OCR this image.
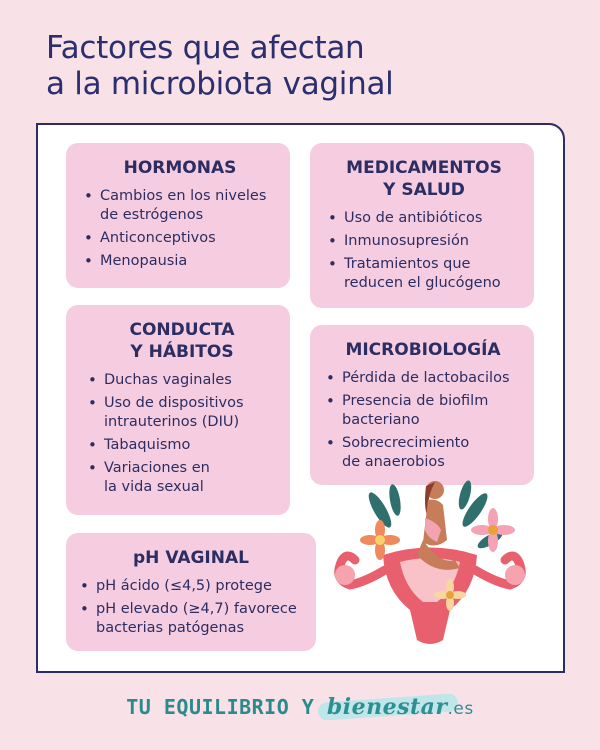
Factores que afectan
a la microbiota vaginal
HORMONAS
• Cambios en los niveles
de estrógenos
• Anticonceptivos
• Menopausia
MEDICAMENTOS
Y SALUD
• Uso de antibióticos
• Inmunosupresión
• Tratamientos que
reducen el glucógeno
CONDUCTA
Y HÁBITOS
• Duchas vaginales
• Uso de dispositivos
intrauterinos (DIU)
• Tabaquismo
• Variaciones en
la vida sexual
MICROBIOLOGÍA
• Pérdida de lactobacilos
• Presencia de biofilm
bacteriano
• Sobrecrecimiento
de anaerobios
pH VAGINAL
• pH ácido (≤4,5) protege
• pH elevado (≥4,7) favorece
bacterias patógenas
TU EQUILIBRIO Y bienestar.es
